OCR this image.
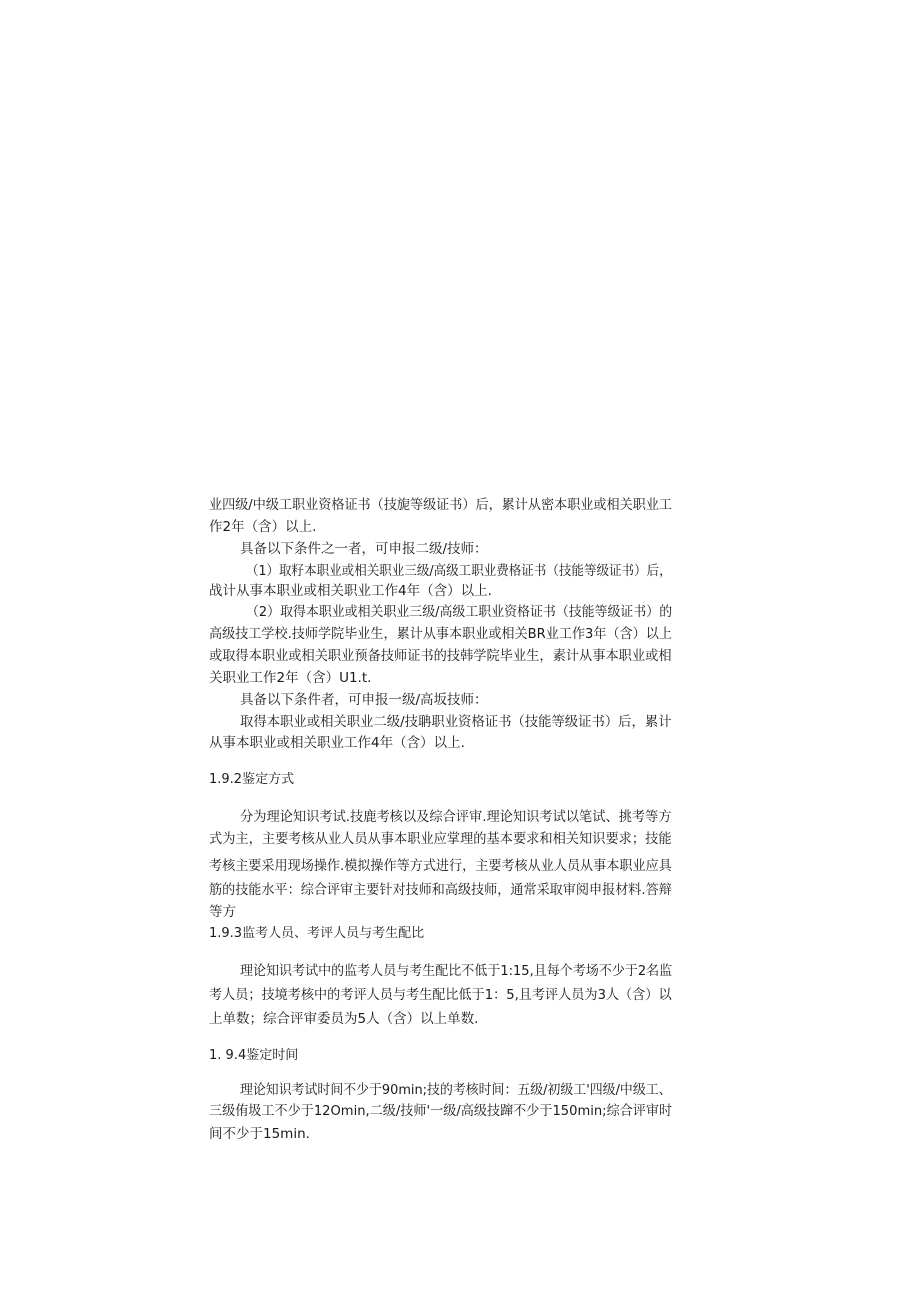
业四级/中级工职业资格证书（技旎等级证书）后，累计从密本职业或相关职业工
作2年（含）以上.
具备以下条件之一者，可申报二级/技师：
（1）取籽本职业或相关职业三级/高级工职业费格证书（技能等级证书）后，
战计从事本职业或相关职业工作4年（含）以上.
（2）取得本职业或相关职业三级/高级工职业资格证书（技能等级证书）的
高级技工学校.技师学院毕业生，累计从事本职业或相关BR业工作3年（含）以上
或取得本职业或相关职业预备技师证书的技韩学院毕业生，素计从事本职业或相
关职业工作2年（含）U1.t.
具备以下条件者，可申报一级/高坂技师：
取得本职业或相关职业二级/技聃职业资格证书（技能等级证书）后，累计
从事本职业或相关职业工作4年（含）以上.
1.9.2鉴定方式
分为理论知识考试.技鹿考核以及综合评审.理论知识考试以笔试、挑考等方
式为主，主要考核从业人员从事本职业应掌理的基本要求和相关知识要求；技能
考核主要采用现场操作.模拟操作等方式进行，主要考核从业人员从事本职业应具
筋的技能水平：综合评审主要针对技师和高级技师，通常采取审阅申报材料.答辩
等方
1.9.3监考人员、考评人员与考生配比
理论知识考试中的监考人员与考生配比不低于1:15,且每个考场不少于2名监
考人员；技境考核中的考评人员与考生配比低于1：5,且考评人员为3人（含）以
上单数；综合评审委员为5人（含）以上单数.
1. 9.4鉴定时间
理论知识考试时间不少于90min;技的考核时间：五级/初级工'四级/中级工、
三级侑圾工不少于12Omin,二级/技师'一级/高级技蹿不少于150min;综合评审时
间不少于15min.
